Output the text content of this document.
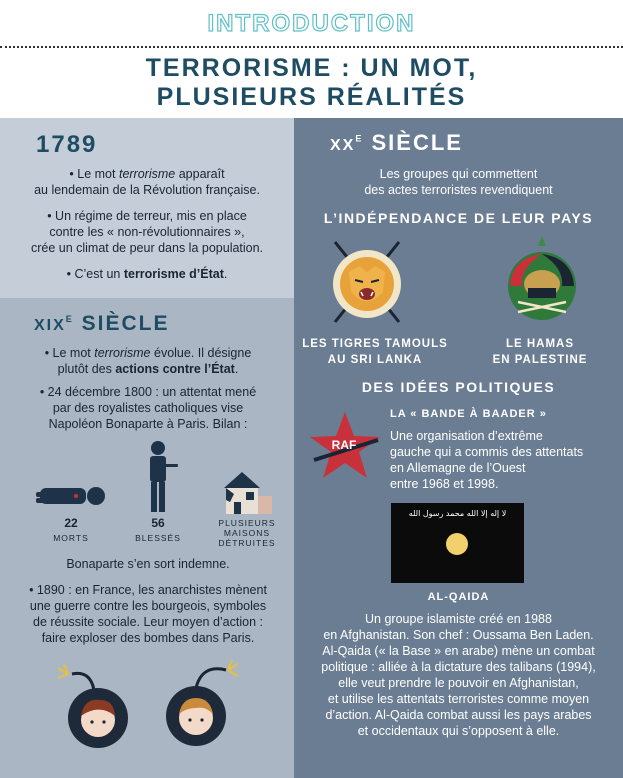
INTRODUCTION
TERRORISME : UN MOT,
PLUSIEURS RÉALITÉS
1789
• Le mot terrorisme apparaît
au lendemain de la Révolution française.
• Un régime de terreur, mis en place
contre les « non-révolutionnaires »,
crée un climat de peur dans la population.
• C’est un terrorisme d’État.
$XIX^E$ SIÈCLE
• Le mot terrorisme évolue. Il désigne
plutôt des actions contre l’État.
• 24 décembre 1800 : un attentat mené
par des royalistes catholiques vise
Napoléon Bonaparte à Paris. Bilan :
22
MORTS
56
BLESSÉS
PLUSIEURS
MAISONS
DÉTRUITES
Bonaparte s’en sort indemne.
• 1890 : en France, les anarchistes mènent
une guerre contre les bourgeois, symboles
de réussite sociale. Leur moyen d’action :
faire exploser des bombes dans Paris.
$XX^E$ SIÈCLE
Les groupes qui commettent
des actes terroristes revendiquent
L’INDÉPENDANCE DE LEUR PAYS
LES TIGRES TAMOULS
AU SRI LANKA
LE HAMAS
EN PALESTINE
DES IDÉES POLITIQUES
RAF
LA « BANDE À BAADER »
Une organisation d’extrême
gauche qui a commis des attentats
en Allemagne de l’Ouest
entre 1968 et 1998.
لا إله إلا الله محمد رسول الله
AL-QAIDA
Un groupe islamiste créé en 1988
en Afghanistan. Son chef : Oussama Ben Laden.
Al-Qaida (« la Base » en arabe) mène un combat
politique : alliée à la dictature des talibans (1994),
elle veut prendre le pouvoir en Afghanistan,
et utilise les attentats terroristes comme moyen
d’action. Al-Qaida combat aussi les pays arabes
et occidentaux qui s’opposent à elle.
